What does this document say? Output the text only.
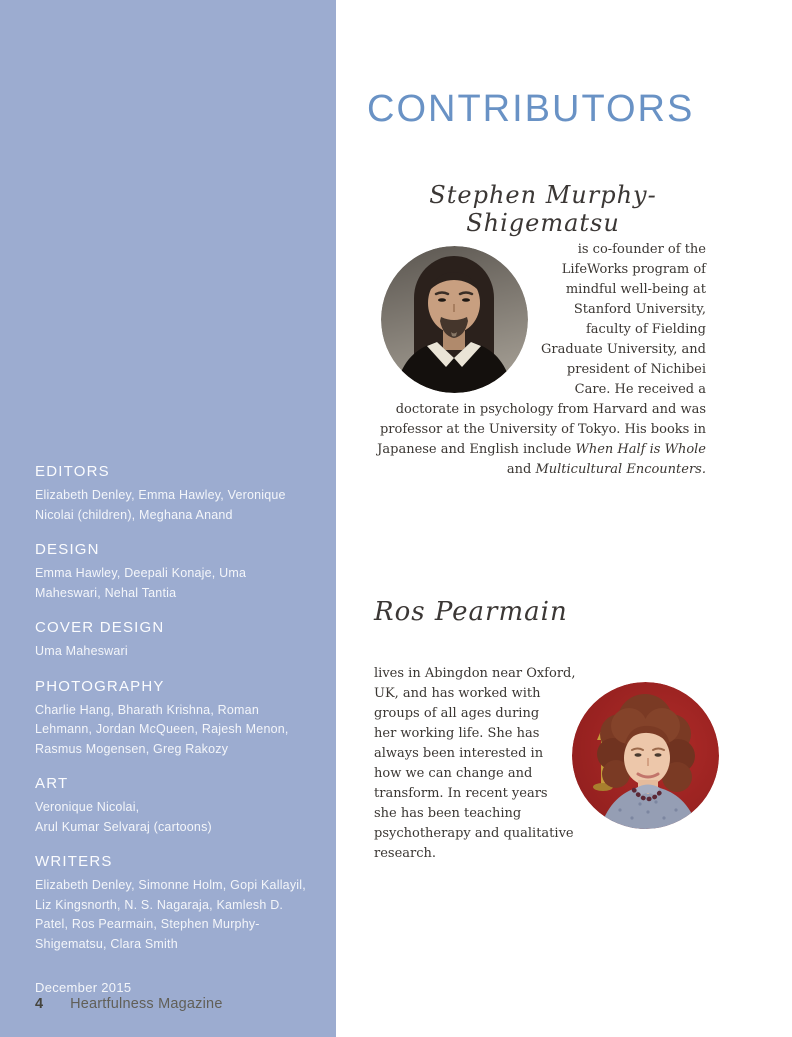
EDITORS

Elizabeth Denley, Emma Hawley, Veronique Nicolai (children), Meghana Anand

DESIGN

Emma Hawley, Deepali Konaje, Uma Maheswari, Nehal Tantia

COVER DESIGN

Uma Maheswari

PHOTOGRAPHY

Charlie Hang, Bharath Krishna, Roman Lehmann, Jordan McQueen, Rajesh Menon, Rasmus Mogensen, Greg Rakozy

ART

Veronique Nicolai,
Arul Kumar Selvaraj (cartoons)

WRITERS

Elizabeth Denley, Simonne Holm, Gopi Kallayil, Liz Kingsnorth, N. S. Nagaraja, Kamlesh D. Patel, Ros Pearmain, Stephen Murphy-Shigematsu, Clara Smith

December 2015

4 Heartfulness Magazine
CONTRIBUTORS
Stephen Murphy-Shigematsu

is co-founder of the LifeWorks program of mindful well-being at Stanford University, faculty of Fielding Graduate University, and president of Nichibei Care. He received a doctorate in psychology from Harvard and was professor at the University of Tokyo. His books in Japanese and English include When Half is Whole and Multicultural Encounters.

Ros Pearmain

lives in Abingdon near Oxford, UK, and has worked with groups of all ages during her working life. She has always been interested in how we can change and transform. In recent years she has been teaching psychotherapy and qualitative research.
